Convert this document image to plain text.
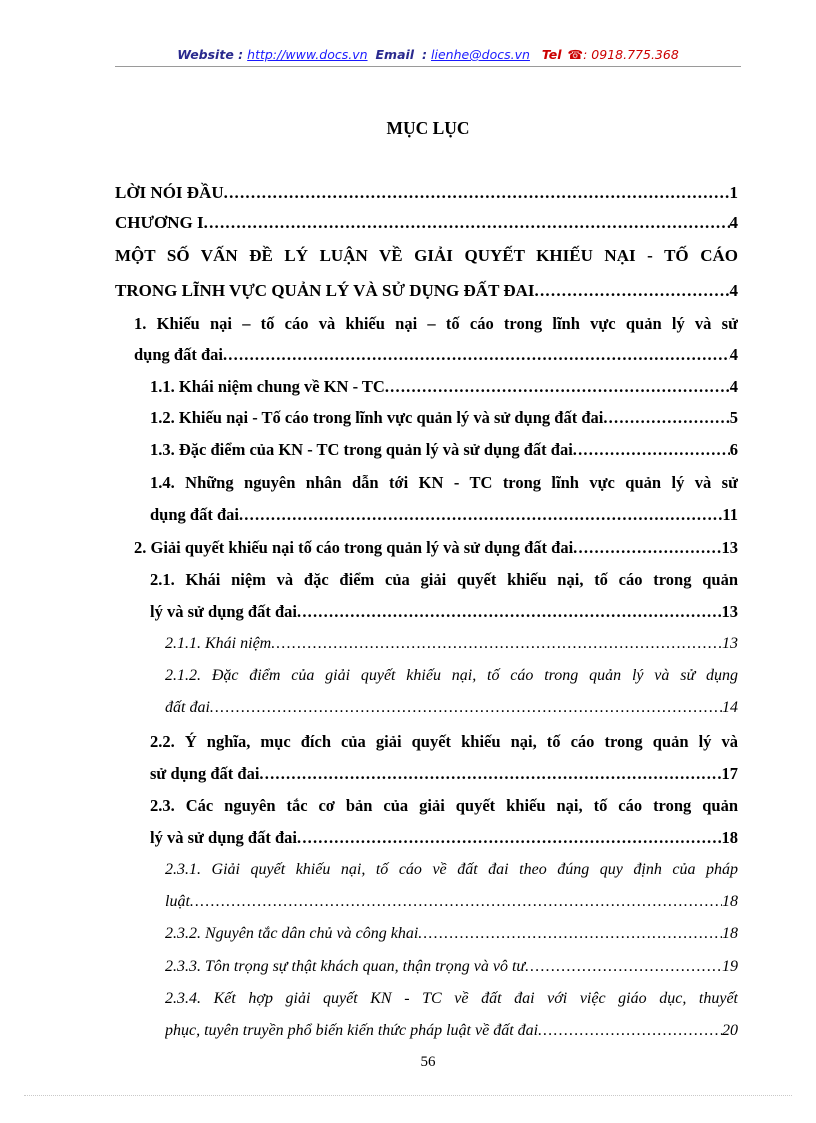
Website : http://www.docs.vn Email : lienhe@docs.vn Tel ☎: 0918.775.368
MỤC LỤC
LỜI NÓI ĐẦU .....	1
CHƯƠNG I .....	4
MỘT SỐ VẤN ĐỀ LÝ LUẬN VỀ GIẢI QUYẾT KHIẾU NẠI - TỐ CÁO
TRONG LĨNH VỰC QUẢN LÝ VÀ SỬ DỤNG ĐẤT ĐAI .....	4
1. Khiếu nại – tố cáo và khiếu nại – tố cáo trong lĩnh vực quản lý và sử
dụng đất đai .....	4
1.1. Khái niệm chung về KN - TC .....	4
1.2. Khiếu nại - Tố cáo trong lĩnh vực quản lý và sử dụng đất đai .....	5
1.3. Đặc điểm của KN - TC trong quản lý và sử dụng đất đai .....	6
1.4. Những nguyên nhân dẫn tới KN - TC trong lĩnh vực quản lý và sử
dụng đất đai .....	11
2. Giải quyết khiếu nại tố cáo trong quản lý và sử dụng đất đai .....	13
2.1. Khái niệm và đặc điểm của giải quyết khiếu nại, tố cáo trong quản
lý và sử dụng đất đai .....	13
2.1.1. Khái niệm .....	13
2.1.2. Đặc điểm của giải quyết khiếu nại, tố cáo trong quản lý và sử dụng
đất đai .....	14
2.2. Ý nghĩa, mục đích của giải quyết khiếu nại, tố cáo trong quản lý và
sử dụng đất đai .....	17
2.3. Các nguyên tắc cơ bản của giải quyết khiếu nại, tố cáo trong quản
lý và sử dụng đất đai .....	18
2.3.1. Giải quyết khiếu nại, tố cáo về đất đai theo đúng quy định của pháp
luật .....	18
2.3.2. Nguyên tắc dân chủ và công khai .....	18
2.3.3. Tôn trọng sự thật khách quan, thận trọng và vô tư .....	19
2.3.4. Kết hợp giải quyết KN - TC về đất đai với việc giáo dục, thuyết
phục, tuyên truyền phổ biến kiến thức pháp luật về đất đai .....	20
56
